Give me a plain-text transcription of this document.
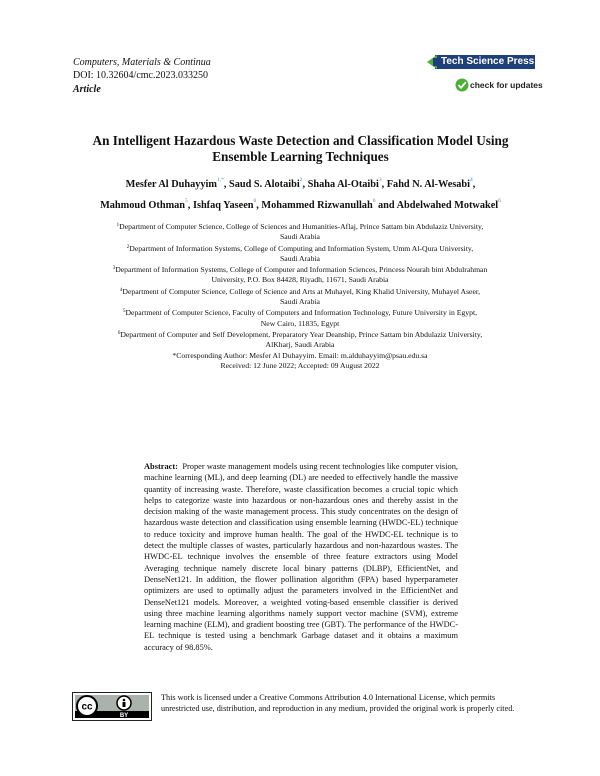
Computers, Materials & Continua
DOI: 10.32604/cmc.2023.033250
Article
Tech Science Press
check for updates
An Intelligent Hazardous Waste Detection and Classification Model Using
Ensemble Learning Techniques
Mesfer Al Duhayyim$^{1,*}$, Saud S. Alotaibi$^2$, Shaha Al-Otaibi$^3$, Fahd N. Al-Wesabi$^4$,
Mahmoud Othman$^5$, Ishfaq Yaseen$^6$, Mohammed Rizwanullah$^6$ and Abdelwahed Motwakel$^6$
$^1$Department of Computer Science, College of Sciences and Humanities-Aflaj, Prince Sattam bin Abdulaziz University,
Saudi Arabia
$^2$Department of Information Systems, College of Computing and Information System, Umm Al-Qura University,
Saudi Arabia
$^3$Department of Information Systems, College of Computer and Information Sciences, Princess Nourah bint Abdulrahman
University, P.O. Box 84428, Riyadh, 11671, Saudi Arabia
$^4$Department of Computer Science, College of Science and Arts at Muhayel, King Khalid University, Muhayel Aseer,
Saudi Arabia
$^5$Department of Computer Science, Faculty of Computers and Information Technology, Future University in Egypt,
New Cairo, 11835, Egypt
$^6$Department of Computer and Self Development, Preparatory Year Deanship, Prince Sattam bin Abdulaziz University,
AlKharj, Saudi Arabia
*Corresponding Author: Mesfer Al Duhayyim. Email: m.alduhayyim@psau.edu.sa
Received: 12 June 2022; Accepted: 09 August 2022
Abstract: Proper waste management models using recent technologies like computer vision, machine learning (ML), and deep learning (DL) are needed to effectively handle the massive quantity of increasing waste. Therefore, waste classification becomes a crucial topic which helps to categorize waste into hazardous or non-hazardous ones and thereby assist in the decision making of the waste management process. This study concentrates on the design of hazardous waste detection and classification using ensemble learning (HWDC-EL) technique to reduce toxicity and improve human health. The goal of the HWDC-EL technique is to detect the multiple classes of wastes, particularly hazardous and non-hazardous wastes. The HWDC-EL technique involves the ensemble of three feature extractors using Model Averaging technique namely discrete local binary patterns (DLBP), EfficientNet, and DenseNet121. In addition, the flower pollination algorithm (FPA) based hyperparameter optimizers are used to optimally adjust the parameters involved in the EfficientNet and DenseNet121 models. Moreover, a weighted voting-based ensemble classifier is derived using three machine learning algorithms namely support vector machine (SVM), extreme learning machine (ELM), and gradient boosting tree (GBT). The performance of the HWDC-EL technique is tested using a benchmark Garbage dataset and it obtains a maximum accuracy of 98.85%.
cc
BY
This work is licensed under a Creative Commons Attribution 4.0 International License, which permits unrestricted use, distribution, and reproduction in any medium, provided the original work is properly cited.
